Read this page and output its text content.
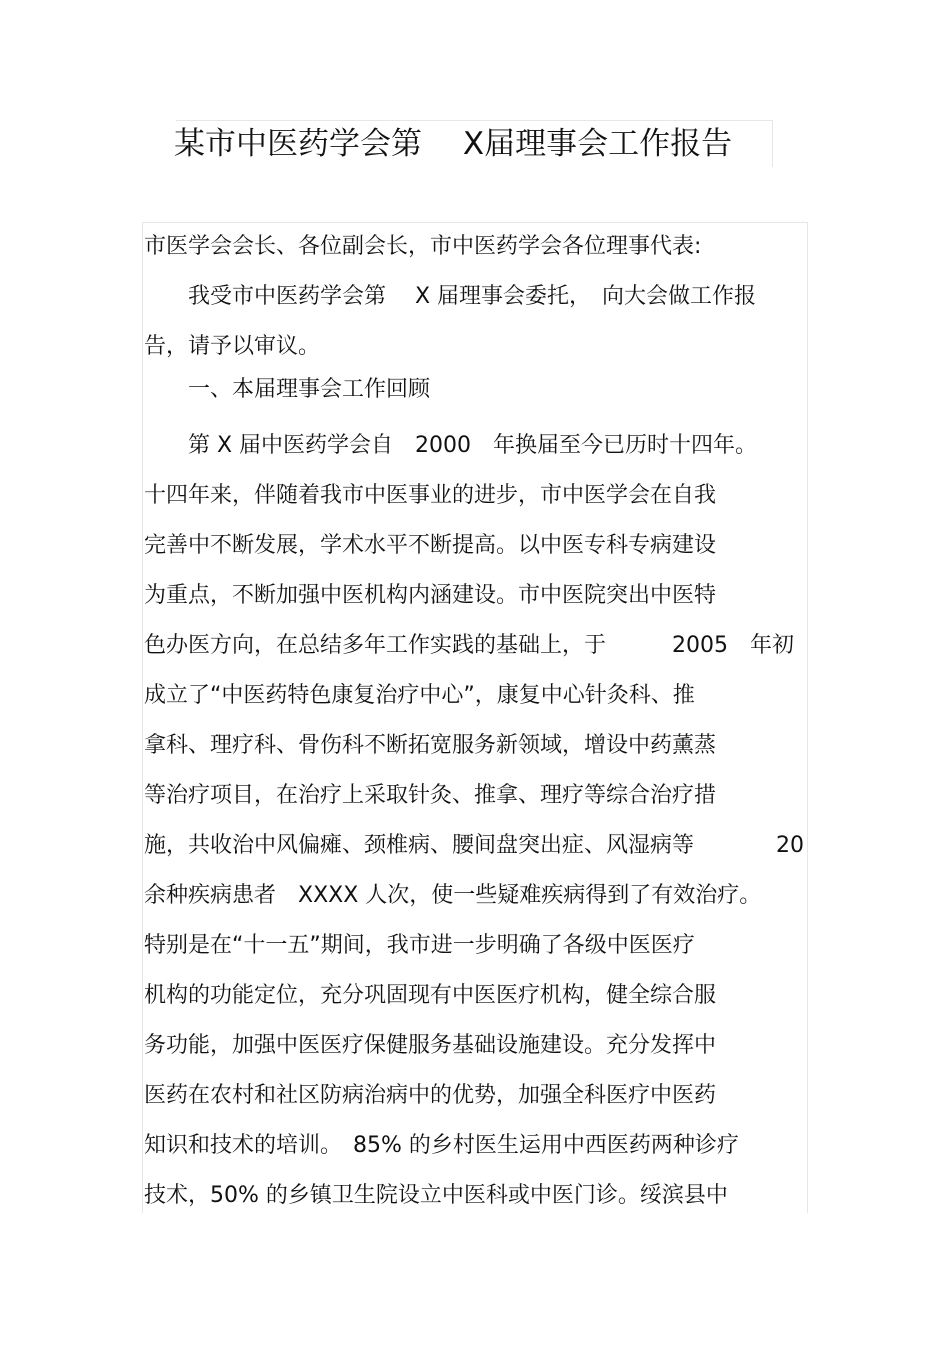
某市中医药学会第　 X届理事会工作报告
市医学会会长、各位副会长，市中医药学会各位理事代表:
　　我受市中医药学会第　 X 届理事会委托，　向大会做工作报
告，请予以审议。
　　一、本届理事会工作回顾
　　第 X 届中医药学会自　2000　年换届至今已历时十四年。
十四年来，伴随着我市中医事业的进步，市中医学会在自我
完善中不断发展，学术水平不断提高。以中医专科专病建设
为重点，不断加强中医机构内涵建设。市中医院突出中医特
色办医方向，在总结多年工作实践的基础上，于　　　2005　年初
成立了“中医药特色康复治疗中心”，康复中心针灸科、推
拿科、理疗科、骨伤科不断拓宽服务新领域，增设中药薰蒸
等治疗项目，在治疗上采取针灸、推拿、理疗等综合治疗措
施，共收治中风偏瘫、颈椎病、腰间盘突出症、风湿病等	20
余种疾病患者　XXXX 人次，使一些疑难疾病得到了有效治疗。
特别是在“十一五”期间，我市进一步明确了各级中医医疗
机构的功能定位，充分巩固现有中医医疗机构，健全综合服
务功能，加强中医医疗保健服务基础设施建设。充分发挥中
医药在农村和社区防病治病中的优势，加强全科医疗中医药
知识和技术的培训。　85% 的乡村医生运用中西医药两种诊疗
技术，50% 的乡镇卫生院设立中医科或中医门诊。绥滨县中
